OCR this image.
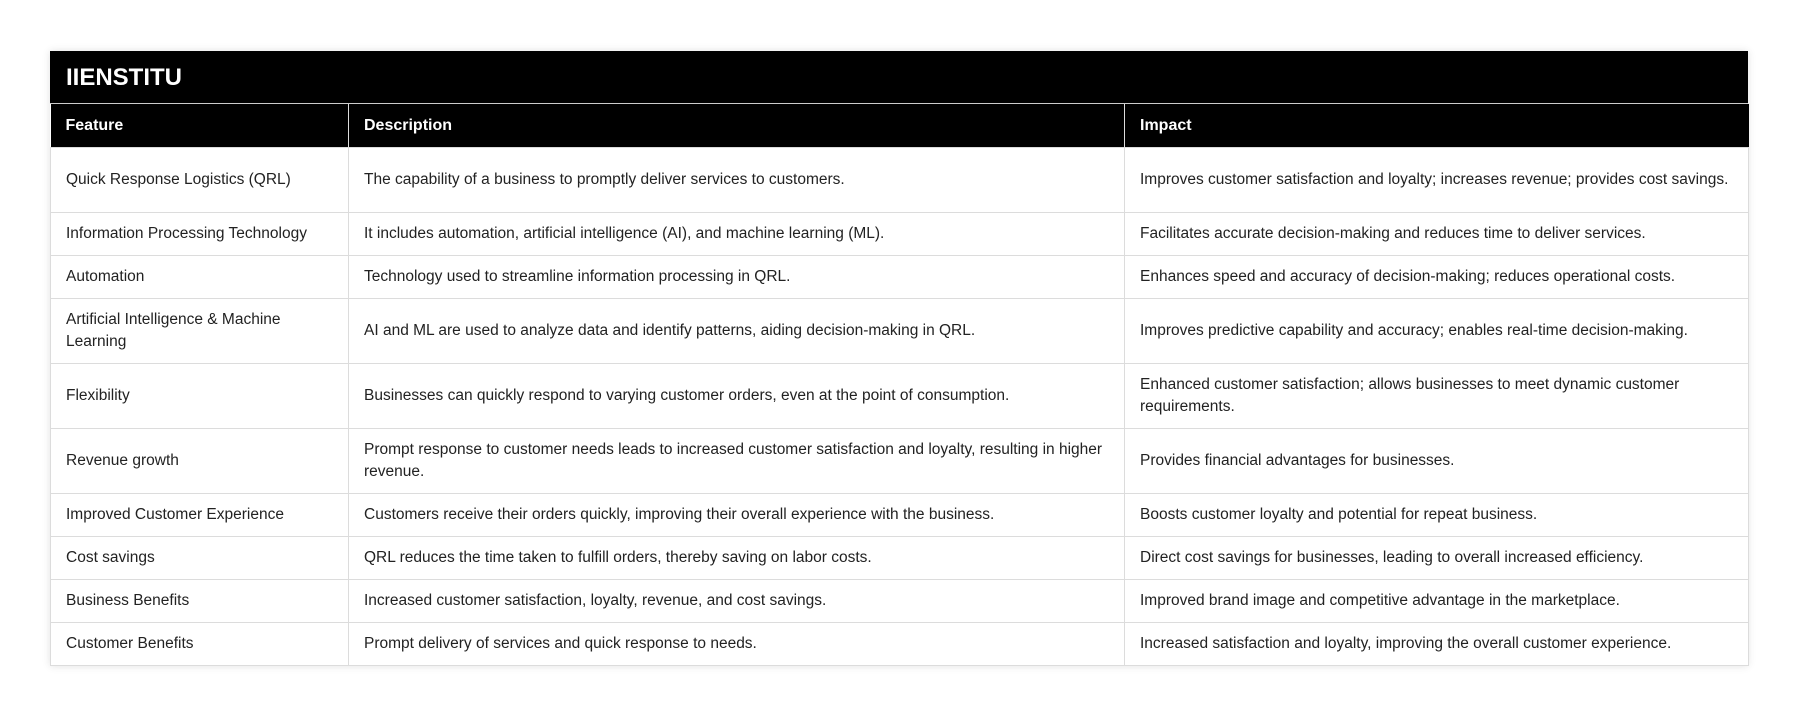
IIENSTITU
Feature	Description	Impact
Quick Response Logistics (QRL)	The capability of a business to promptly deliver services to customers.	Improves customer satisfaction and loyalty; increases revenue; provides cost savings.
Information Processing Technology	It includes automation, artificial intelligence (AI), and machine learning (ML).	Facilitates accurate decision-making and reduces time to deliver services.
Automation	Technology used to streamline information processing in QRL.	Enhances speed and accuracy of decision-making; reduces operational costs.
Artificial Intelligence & Machine Learning	AI and ML are used to analyze data and identify patterns, aiding decision-making in QRL.	Improves predictive capability and accuracy; enables real-time decision-making.
Flexibility	Businesses can quickly respond to varying customer orders, even at the point of consumption.	Enhanced customer satisfaction; allows businesses to meet dynamic customer requirements.
Revenue growth	Prompt response to customer needs leads to increased customer satisfaction and loyalty, resulting in higher revenue.	Provides financial advantages for businesses.
Improved Customer Experience	Customers receive their orders quickly, improving their overall experience with the business.	Boosts customer loyalty and potential for repeat business.
Cost savings	QRL reduces the time taken to fulfill orders, thereby saving on labor costs.	Direct cost savings for businesses, leading to overall increased efficiency.
Business Benefits	Increased customer satisfaction, loyalty, revenue, and cost savings.	Improved brand image and competitive advantage in the marketplace.
Customer Benefits	Prompt delivery of services and quick response to needs.	Increased satisfaction and loyalty, improving the overall customer experience.
